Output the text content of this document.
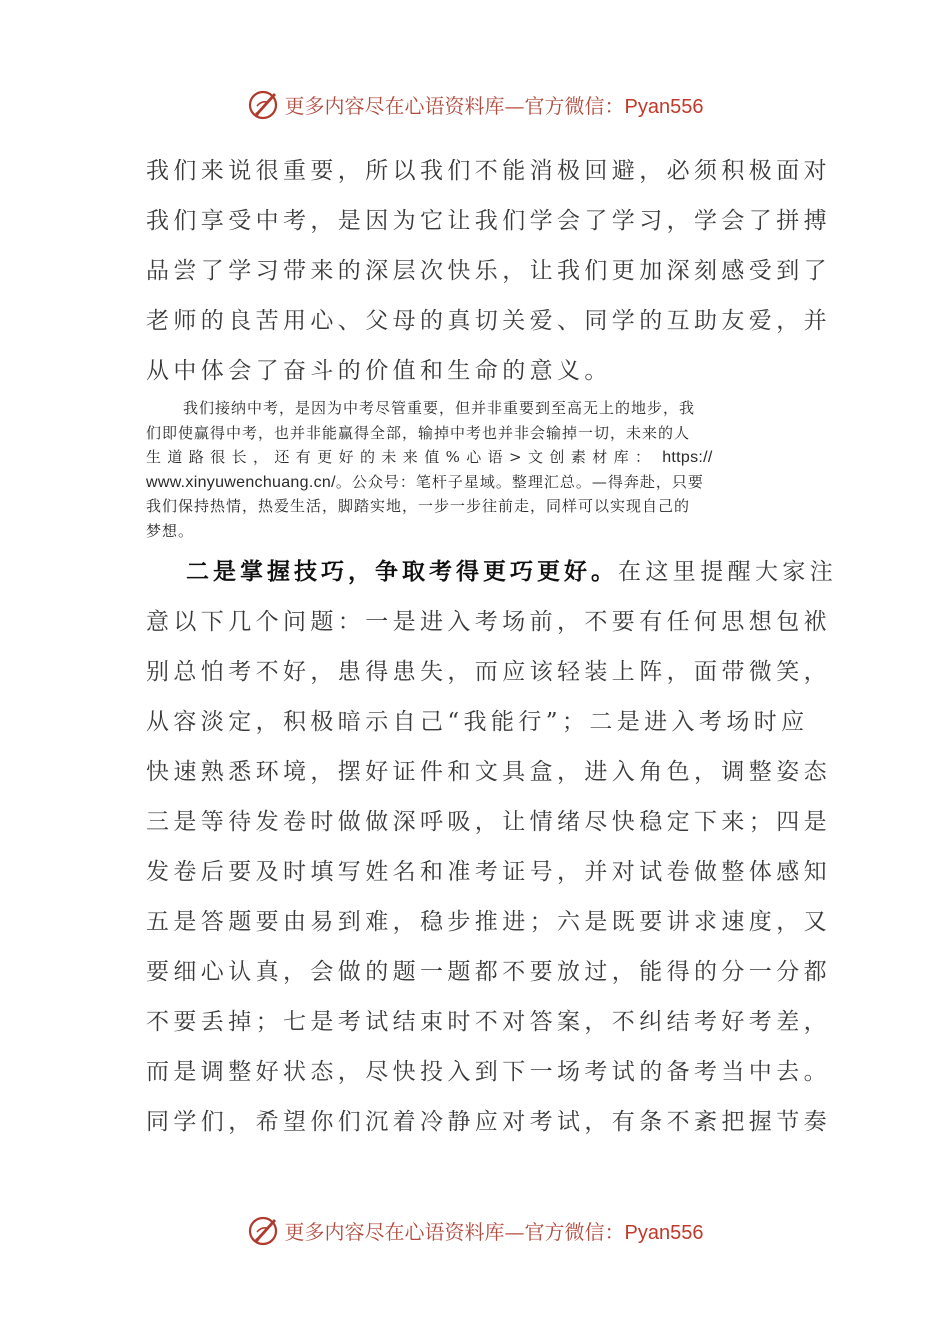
更多内容尽在心语资料库—官方微信：Pyan556
我们来说很重要，所以我们不能消极回避，必须积极面对
我们享受中考，是因为它让我们学会了学习，学会了拼搏
品尝了学习带来的深层次快乐，让我们更加深刻感受到了
老师的良苦用心、父母的真切关爱、同学的互助友爱，并
从中体会了奋斗的价值和生命的意义。
我们接纳中考，是因为中考尽管重要，但并非重要到至高无上的地步，我
们即使赢得中考，也并非能赢得全部，输掉中考也并非会输掉一切，未来的人
生道路很长，还有更好的未来值%心语>文创素材库： https://
www.xinyuwenchuang.cn/。公众号：笔杆子星域。整理汇总。—得奔赴，只要
我们保持热情，热爱生活，脚踏实地，一步一步往前走，同样可以实现自己的
梦想。
二是掌握技巧，争取考得更巧更好。在这里提醒大家注
意以下几个问题：一是进入考场前，不要有任何思想包袱
别总怕考不好，患得患失，而应该轻装上阵，面带微笑，
从容淡定，积极暗示自己“我能行”；二是进入考场时应
快速熟悉环境，摆好证件和文具盒，进入角色，调整姿态
三是等待发卷时做做深呼吸，让情绪尽快稳定下来；四是
发卷后要及时填写姓名和准考证号，并对试卷做整体感知
五是答题要由易到难，稳步推进；六是既要讲求速度，又
要细心认真，会做的题一题都不要放过，能得的分一分都
不要丢掉；七是考试结束时不对答案，不纠结考好考差，
而是调整好状态，尽快投入到下一场考试的备考当中去。
同学们，希望你们沉着冷静应对考试，有条不紊把握节奏
更多内容尽在心语资料库—官方微信：Pyan556
